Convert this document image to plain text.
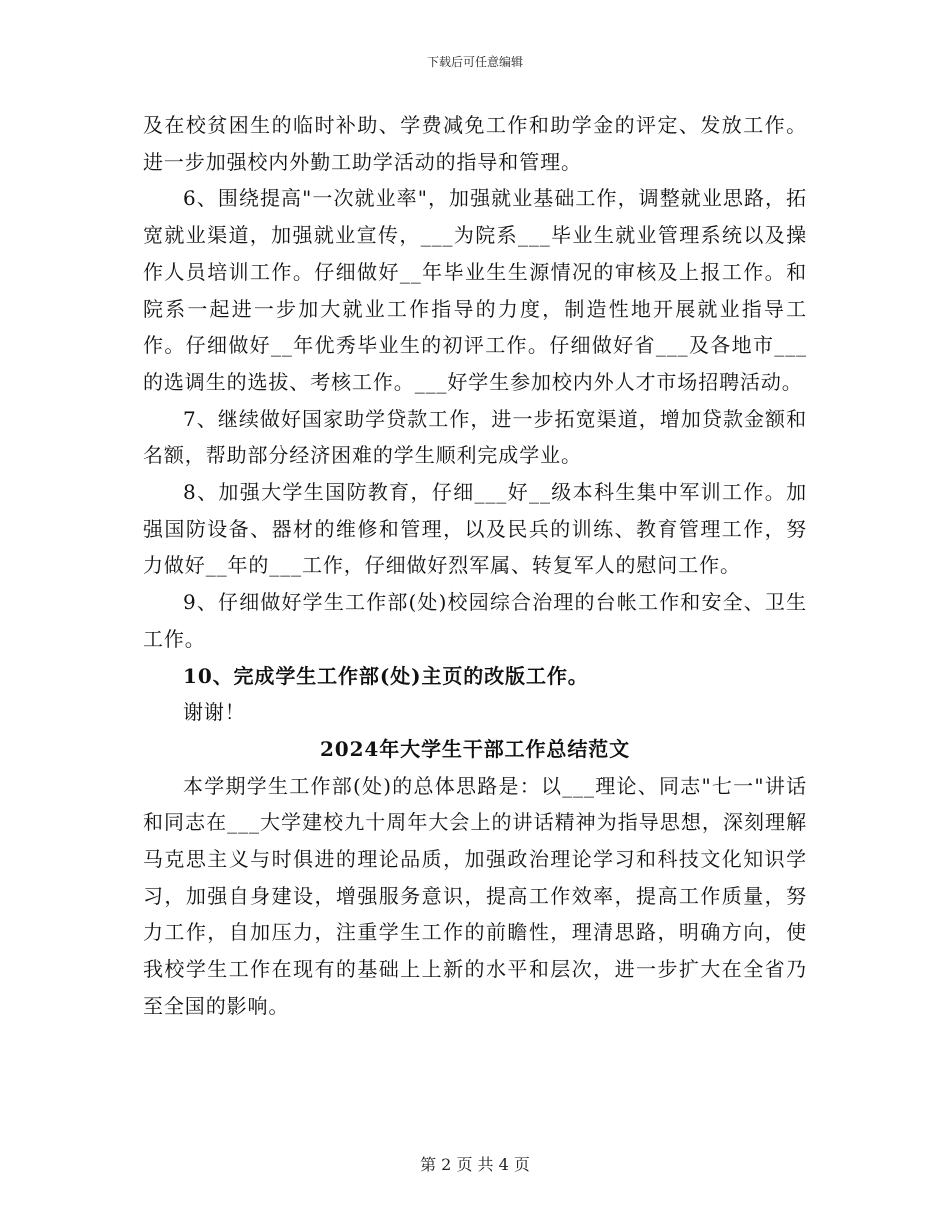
下载后可任意编辑

及在校贫困生的临时补助、学费减免工作和助学金的评定、发放工作。进一步加强校内外勤工助学活动的指导和管理。

6、围绕提高"一次就业率"，加强就业基础工作，调整就业思路，拓宽就业渠道，加强就业宣传，___为院系___毕业生就业管理系统以及操作人员培训工作。仔细做好__年毕业生生源情况的审核及上报工作。和院系一起进一步加大就业工作指导的力度，制造性地开展就业指导工作。仔细做好__年优秀毕业生的初评工作。仔细做好省___及各地市___的选调生的选拔、考核工作。___好学生参加校内外人才市场招聘活动。

7、继续做好国家助学贷款工作，进一步拓宽渠道，增加贷款金额和名额，帮助部分经济困难的学生顺利完成学业。

8、加强大学生国防教育，仔细___好__级本科生集中军训工作。加强国防设备、器材的维修和管理，以及民兵的训练、教育管理工作，努力做好__年的___工作，仔细做好烈军属、转复军人的慰问工作。

9、仔细做好学生工作部(处)校园综合治理的台帐工作和安全、卫生工作。

10、完成学生工作部(处)主页的改版工作。

谢谢！

2024年大学生干部工作总结范文

本学期学生工作部(处)的总体思路是：以___理论、同志"七一"讲话和同志在___大学建校九十周年大会上的讲话精神为指导思想，深刻理解马克思主义与时俱进的理论品质，加强政治理论学习和科技文化知识学习，加强自身建设，增强服务意识，提高工作效率，提高工作质量，努力工作，自加压力，注重学生工作的前瞻性，理清思路，明确方向，使我校学生工作在现有的基础上上新的水平和层次，进一步扩大在全省乃至全国的影响。

第 2 页 共 4 页
